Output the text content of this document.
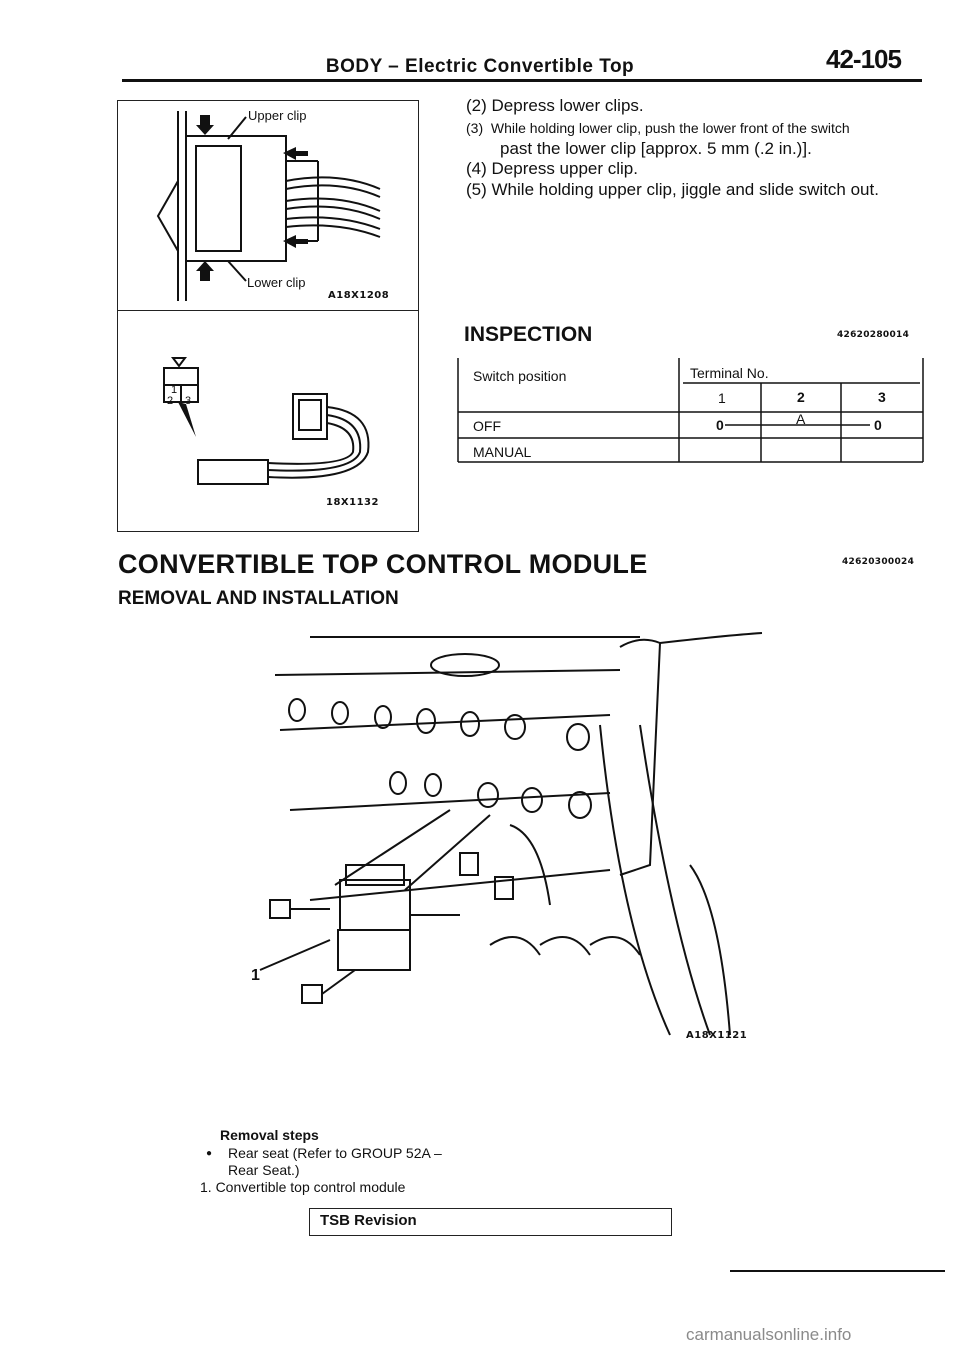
BODY – Electric Convertible Top	42-105
Upper clip
Lower clip
A18X1208
1
2 3
18X1132
(2) Depress lower clips.
(3) While holding lower clip, push the lower front of the switch
past the lower clip [approx. 5 mm (.2 in.)].
(4) Depress upper clip.
(5) While holding upper clip, jiggle and slide switch out.
INSPECTION	42620280014
Switch position	Terminal No.
1	2	3
OFF	0	A	0
MANUAL
CONVERTIBLE TOP CONTROL MODULE	42620300024
REMOVAL AND INSTALLATION
1
A18X1121
Removal steps
● Rear seat (Refer to GROUP 52A –
Rear Seat.)
1. Convertible top control module
TSB Revision
carmanualsonline.info
